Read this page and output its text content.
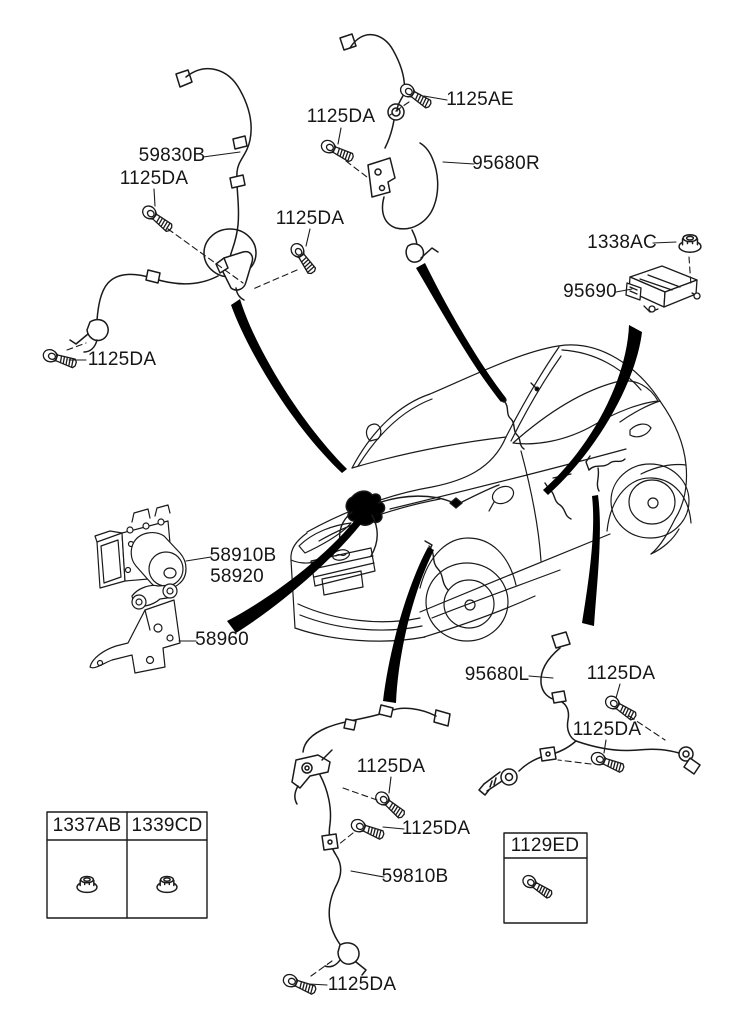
59830B
1125DA
1125DA
1125DA
1125AE
95680R
1338AC
95690
58910B
58920
58960
95680L	1125DA
1125DA
1125DA
1125DA
59810B
1125DA
1125DA
1337AB 1339CD
1129ED
